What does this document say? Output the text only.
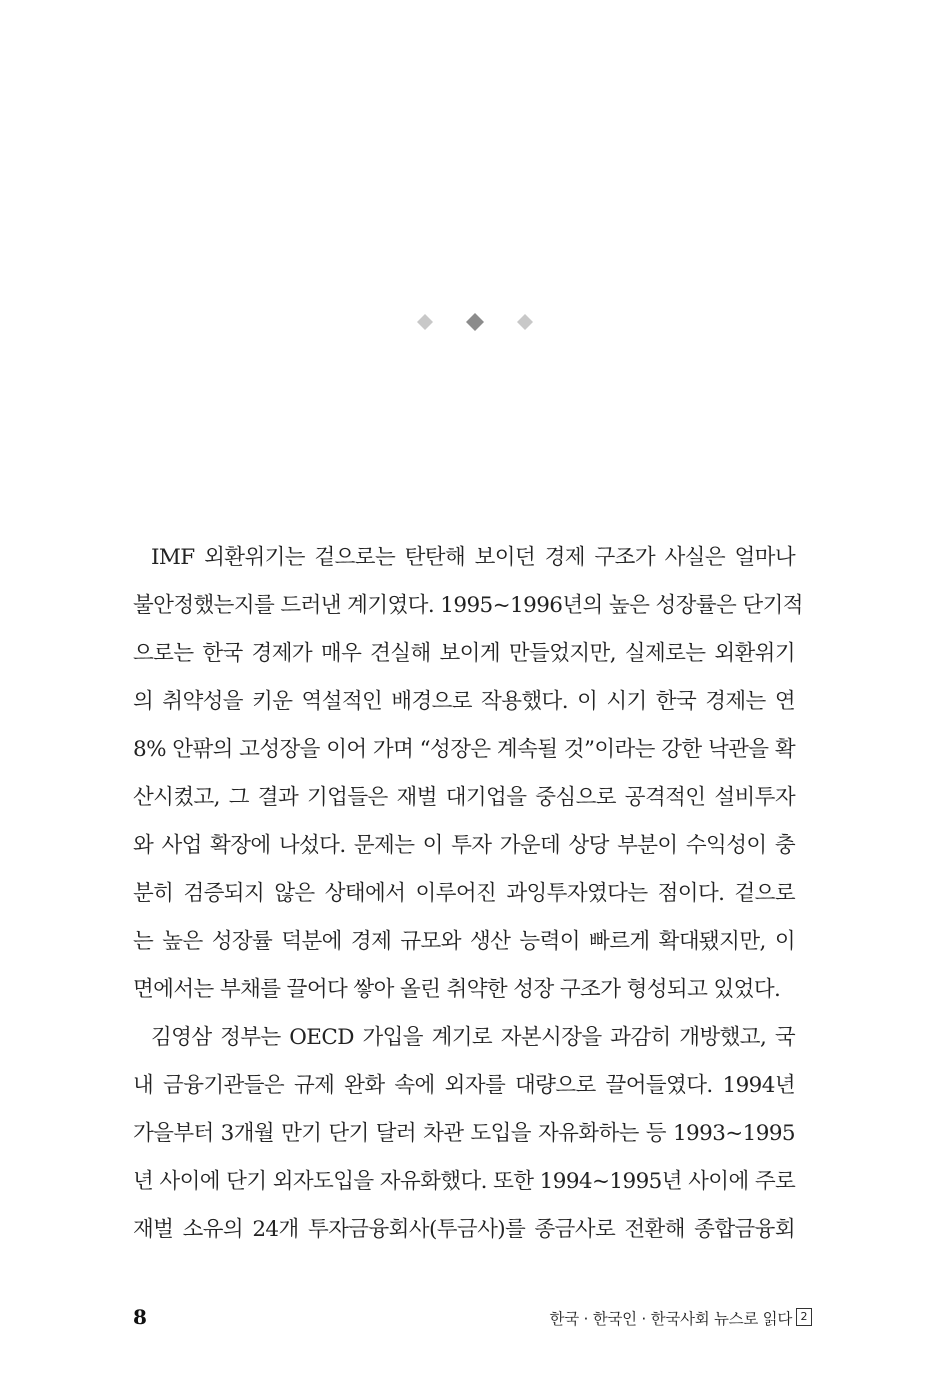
IMF 외환위기는 겉으로는 탄탄해 보이던 경제 구조가 사실은 얼마나
불안정했는지를 드러낸 계기였다. 1995~1996년의 높은 성장률은 단기적
으로는 한국 경제가 매우 견실해 보이게 만들었지만, 실제로는 외환위기
의 취약성을 키운 역설적인 배경으로 작용했다. 이 시기 한국 경제는 연
8% 안팎의 고성장을 이어 가며 “성장은 계속될 것”이라는 강한 낙관을 확
산시켰고, 그 결과 기업들은 재벌 대기업을 중심으로 공격적인 설비투자
와 사업 확장에 나섰다. 문제는 이 투자 가운데 상당 부분이 수익성이 충
분히 검증되지 않은 상태에서 이루어진 과잉투자였다는 점이다. 겉으로
는 높은 성장률 덕분에 경제 규모와 생산 능력이 빠르게 확대됐지만, 이
면에서는 부채를 끌어다 쌓아 올린 취약한 성장 구조가 형성되고 있었다.
김영삼 정부는 OECD 가입을 계기로 자본시장을 과감히 개방했고, 국
내 금융기관들은 규제 완화 속에 외자를 대량으로 끌어들였다. 1994년
가을부터 3개월 만기 단기 달러 차관 도입을 자유화하는 등 1993~1995
년 사이에 단기 외자도입을 자유화했다. 또한 1994~1995년 사이에 주로
재벌 소유의 24개 투자금융회사(투금사)를 종금사로 전환해 종합금융회
8	한국 · 한국인 · 한국사회 뉴스로 읽다 2
